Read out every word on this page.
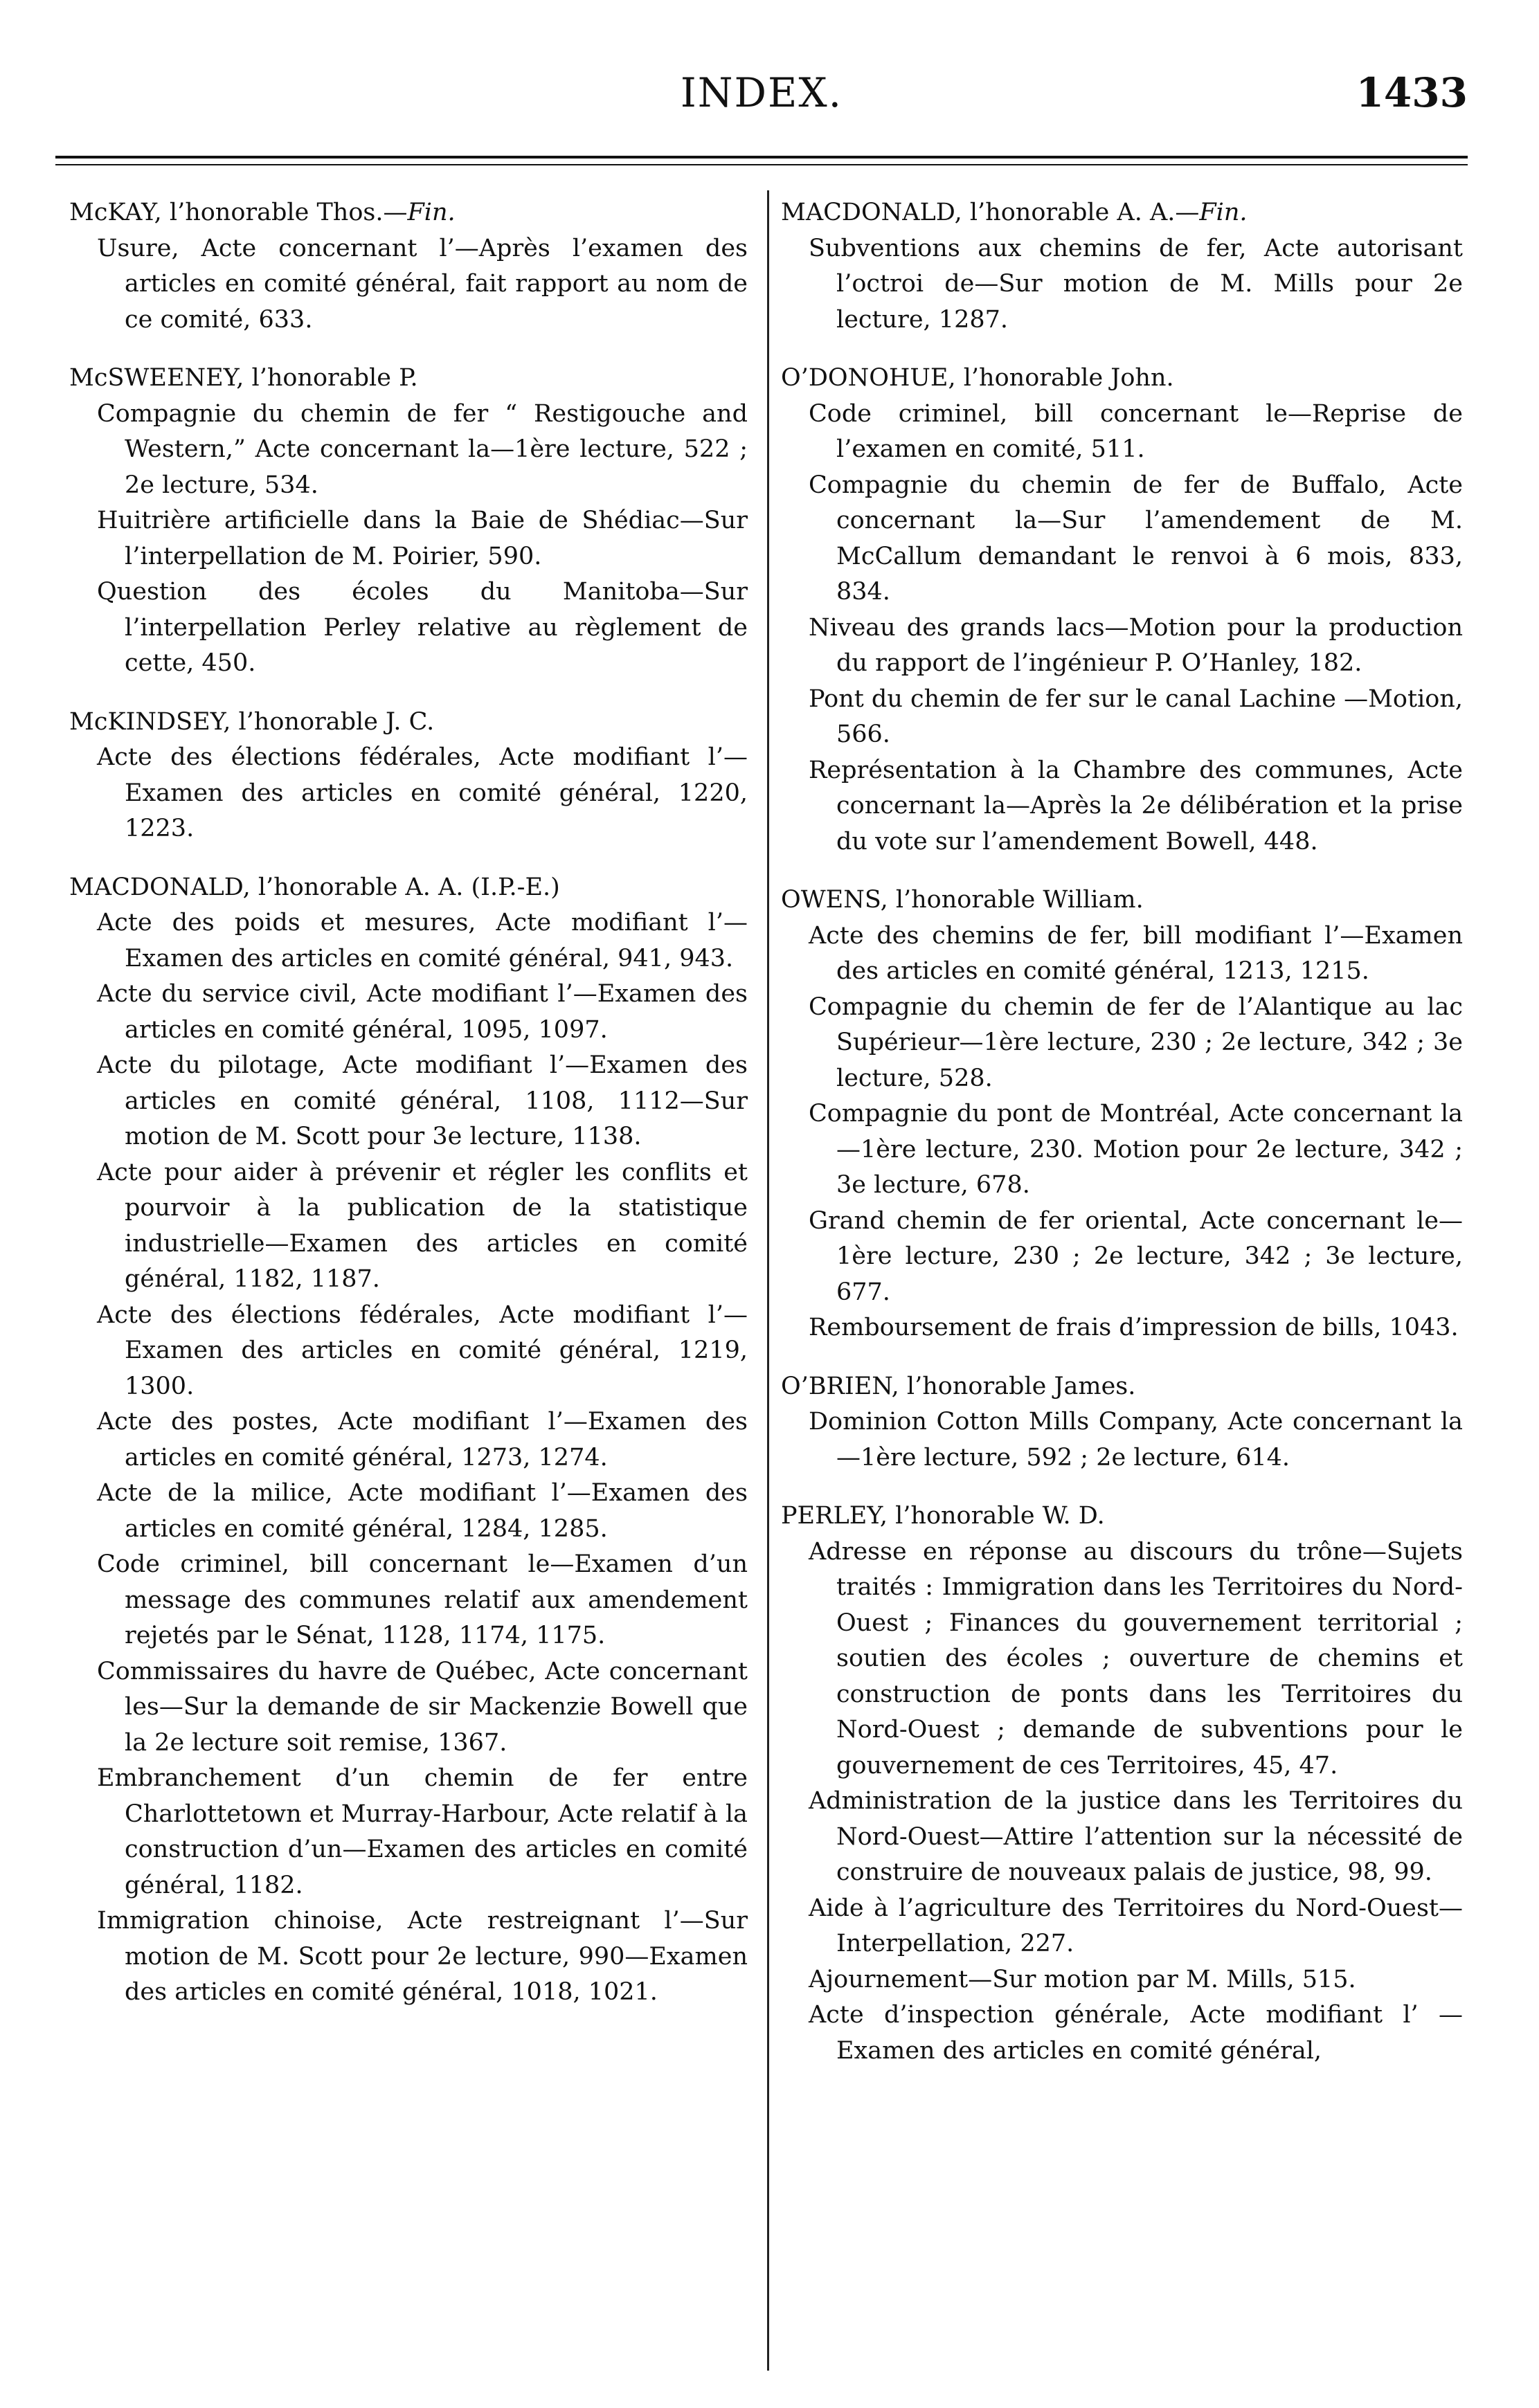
INDEX.	1433
McKAY, l’honorable Thos.—Fin.

Usure, Acte concernant l’—Après l’examen des articles en comité général, fait rapport au nom de ce comité, 633.

McSWEENEY, l’honorable P.

Compagnie du chemin de fer “ Restigouche and Western,” Acte concernant la—1ère lecture, 522 ; 2e lecture, 534.

Huitrière artificielle dans la Baie de Shédiac—Sur l’interpellation de M. Poirier, 590.

Question des écoles du Manitoba—Sur l’interpellation Perley relative au règlement de cette, 450.

McKINDSEY, l’honorable J. C.

Acte des élections fédérales, Acte modifiant l’—Examen des articles en comité général, 1220, 1223.

MACDONALD, l’honorable A. A. (I.P.-E.)

Acte des poids et mesures, Acte modifiant l’—Examen des articles en comité général, 941, 943.

Acte du service civil, Acte modifiant l’—Examen des articles en comité général, 1095, 1097.

Acte du pilotage, Acte modifiant l’—Examen des articles en comité général, 1108, 1112—Sur motion de M. Scott pour 3e lecture, 1138.

Acte pour aider à prévenir et régler les conflits et pourvoir à la publication de la statistique industrielle—Examen des articles en comité général, 1182, 1187.

Acte des élections fédérales, Acte modifiant l’—Examen des articles en comité général, 1219, 1300.

Acte des postes, Acte modifiant l’—Examen des articles en comité général, 1273, 1274.

Acte de la milice, Acte modifiant l’—Examen des articles en comité général, 1284, 1285.

Code criminel, bill concernant le—Examen d’un message des communes relatif aux amendement rejetés par le Sénat, 1128, 1174, 1175.

Commissaires du havre de Québec, Acte concernant les—Sur la demande de sir Mackenzie Bowell que la 2e lecture soit remise, 1367.

Embranchement d’un chemin de fer entre Charlottetown et Murray-Harbour, Acte relatif à la construction d’un—Examen des articles en comité général, 1182.

Immigration chinoise, Acte restreignant l’—Sur motion de M. Scott pour 2e lecture, 990—Examen des articles en comité général, 1018, 1021.

MACDONALD, l’honorable A. A.—Fin.

Subventions aux chemins de fer, Acte autorisant l’octroi de—Sur motion de M. Mills pour 2e lecture, 1287.

O’DONOHUE, l’honorable John.

Code criminel, bill concernant le—Reprise de l’examen en comité, 511.

Compagnie du chemin de fer de Buffalo, Acte concernant la—Sur l’amendement de M. McCallum demandant le renvoi à 6 mois, 833, 834.

Niveau des grands lacs—Motion pour la production du rapport de l’ingénieur P. O’Hanley, 182.

Pont du chemin de fer sur le canal Lachine —Motion, 566.

Représentation à la Chambre des communes, Acte concernant la—Après la 2e délibération et la prise du vote sur l’amendement Bowell, 448.

OWENS, l’honorable William.

Acte des chemins de fer, bill modifiant l’—Examen des articles en comité général, 1213, 1215.

Compagnie du chemin de fer de l’Alantique au lac Supérieur—1ère lecture, 230 ; 2e lecture, 342 ; 3e lecture, 528.

Compagnie du pont de Montréal, Acte concernant la—1ère lecture, 230. Motion pour 2e lecture, 342 ; 3e lecture, 678.

Grand chemin de fer oriental, Acte concernant le—1ère lecture, 230 ; 2e lecture, 342 ; 3e lecture, 677.

Remboursement de frais d’impression de bills, 1043.

O’BRIEN, l’honorable James.

Dominion Cotton Mills Company, Acte concernant la—1ère lecture, 592 ; 2e lecture, 614.

PERLEY, l’honorable W. D.

Adresse en réponse au discours du trône—Sujets traités : Immigration dans les Territoires du Nord-Ouest ; Finances du gouvernement territorial ; soutien des écoles ; ouverture de chemins et construction de ponts dans les Territoires du Nord-Ouest ; demande de subventions pour le gouvernement de ces Territoires, 45, 47.

Administration de la justice dans les Territoires du Nord-Ouest—Attire l’attention sur la nécessité de construire de nouveaux palais de justice, 98, 99.

Aide à l’agriculture des Territoires du Nord-Ouest—Interpellation, 227.

Ajournement—Sur motion par M. Mills, 515.

Acte d’inspection générale, Acte modifiant l’ —Examen des articles en comité général,
